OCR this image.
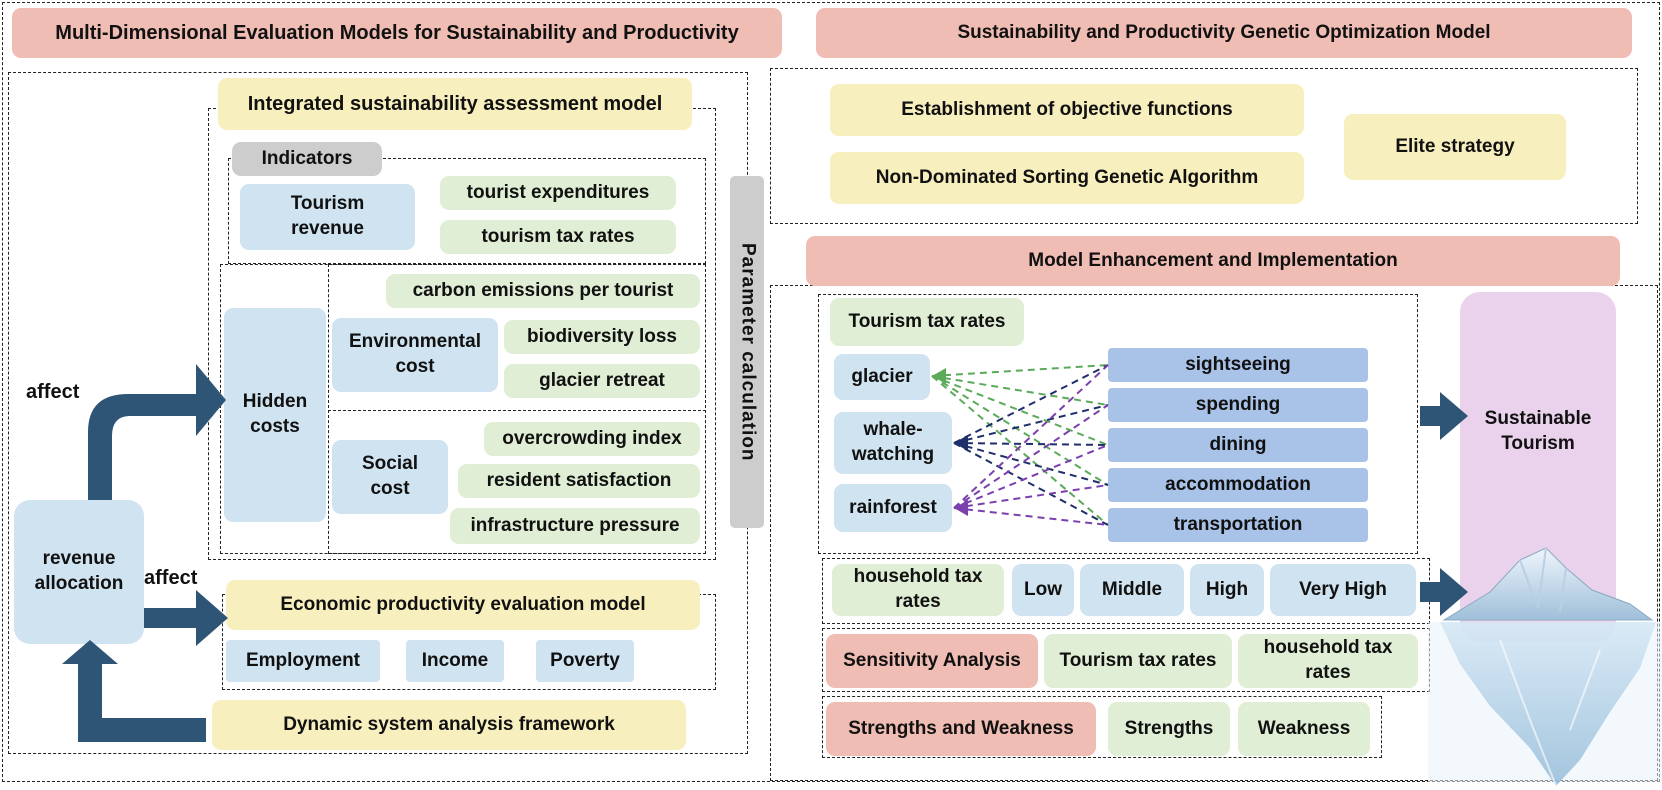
Multi-Dimensional Evaluation Models for Sustainability and Productivity
Integrated sustainability assessment model
Indicators
Tourism revenue
tourist expenditures
tourism tax rates
Hidden costs
carbon emissions per tourist
Environmental cost
biodiversity loss
glacier retreat
overcrowding index
Social cost	resident satisfaction
infrastructure pressure
Parameter calculation
Economic productivity evaluation model
Employment	Income	Poverty
revenue allocation
Dynamic system analysis framework
affect
affect
Sustainability and Productivity Genetic Optimization Model
Establishment of objective functions
Non-Dominated Sorting Genetic Algorithm
Elite strategy
Model Enhancement and Implementation
Tourism tax rates
glacier
whale-watching
rainforest
sightseeing
spending
dining
accommodation
transportation
Sustainable Tourism
household tax rates
Low	Middle	High	Very High
Sensitivity Analysis	Tourism tax rates
household tax rates
Strengths and Weakness	Strengths	Weakness
